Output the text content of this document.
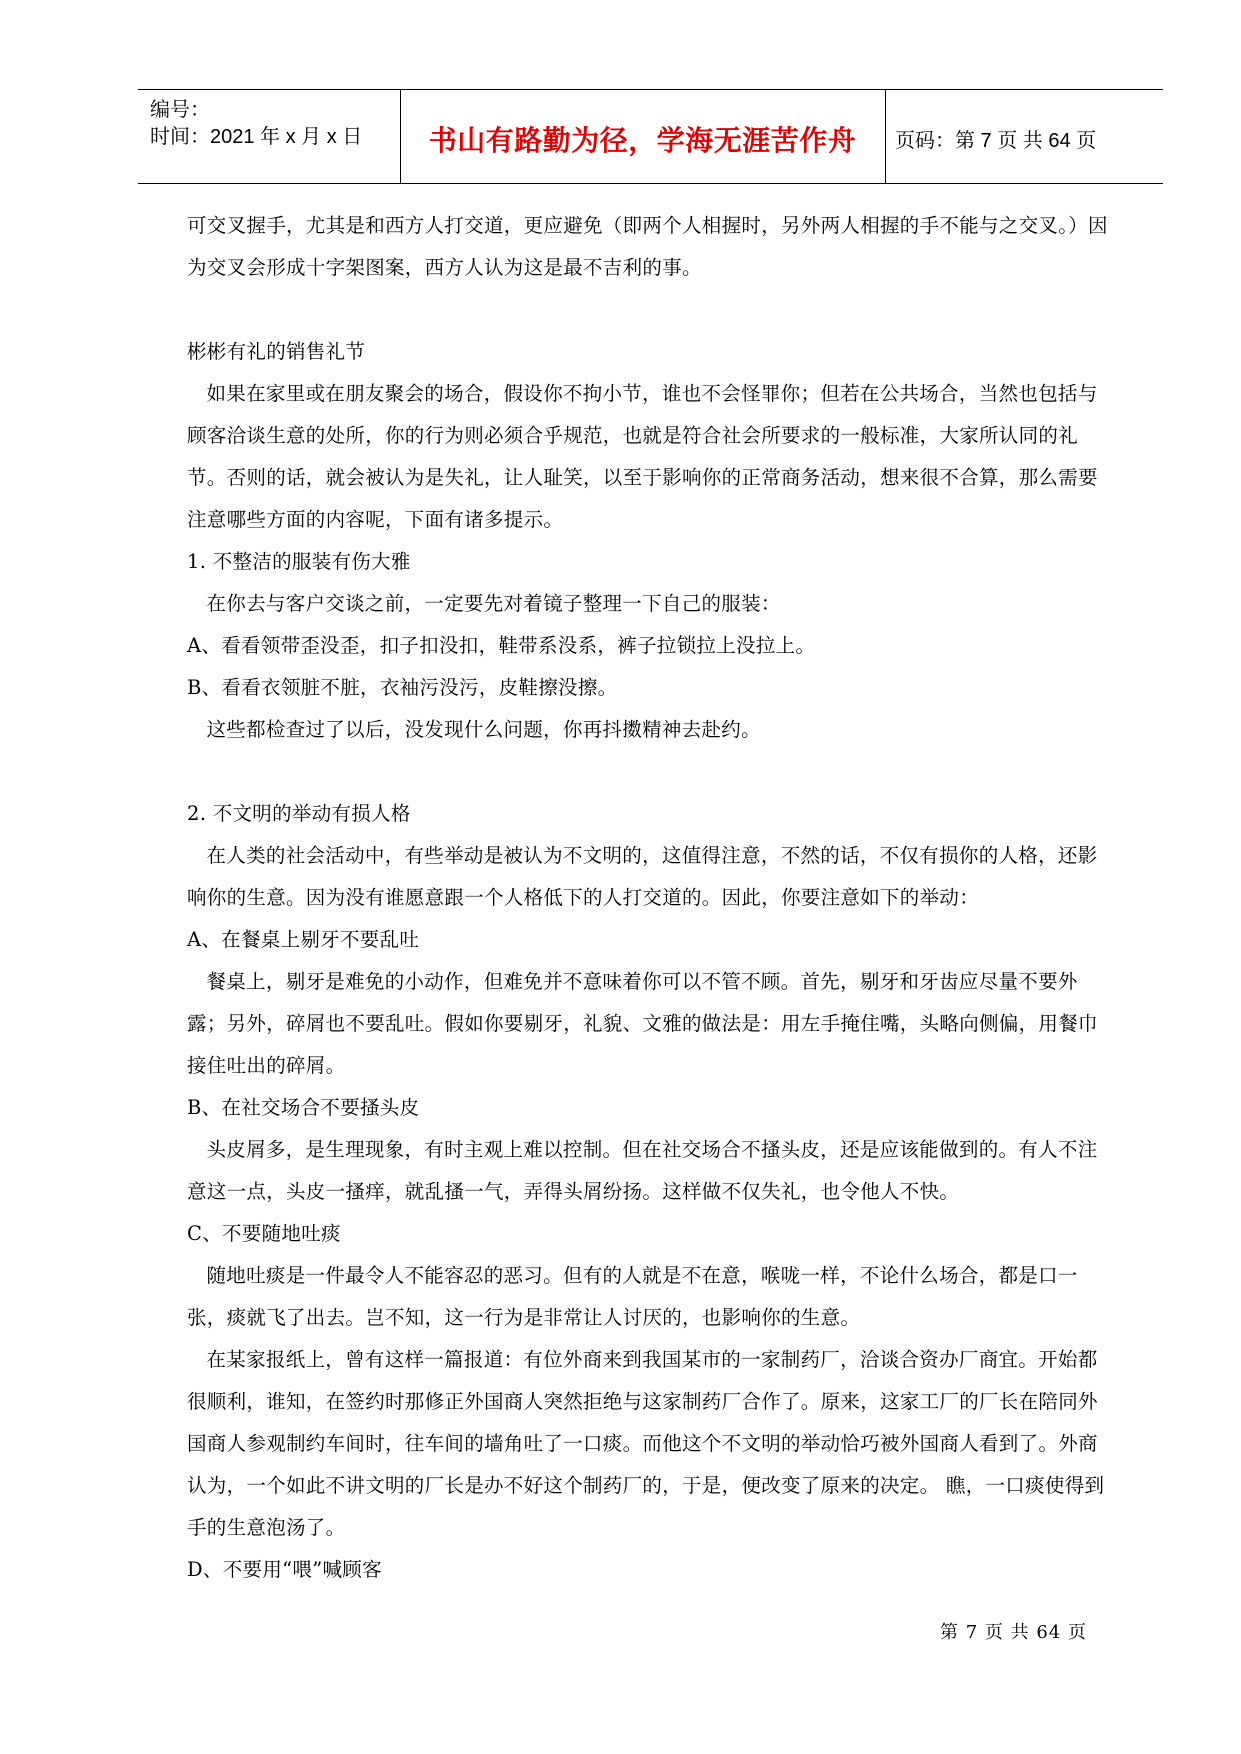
编号：
时间：2021 年 x 月 x 日	书山有路勤为径，学海无涯苦作舟	页码：第 7 页 共 64 页

可交叉握手，尤其是和西方人打交道，更应避免（即两个人相握时，另外两人相握的手不能与之交叉。）因为交叉会形成十字架图案，西方人认为这是最不吉利的事。

彬彬有礼的销售礼节

如果在家里或在朋友聚会的场合，假设你不拘小节，谁也不会怪罪你；但若在公共场合，当然也包括与顾客洽谈生意的处所，你的行为则必须合乎规范，也就是符合社会所要求的一般标准，大家所认同的礼节。否则的话，就会被认为是失礼，让人耻笑，以至于影响你的正常商务活动，想来很不合算，那么需要注意哪些方面的内容呢，下面有诸多提示。

1. 不整洁的服装有伤大雅

在你去与客户交谈之前，一定要先对着镜子整理一下自己的服装：

A、看看领带歪没歪，扣子扣没扣，鞋带系没系，裤子拉锁拉上没拉上。

B、看看衣领脏不脏，衣袖污没污，皮鞋擦没擦。

这些都检查过了以后，没发现什么问题，你再抖擞精神去赴约。

2. 不文明的举动有损人格

在人类的社会活动中，有些举动是被认为不文明的，这值得注意，不然的话，不仅有损你的人格，还影响你的生意。因为没有谁愿意跟一个人格低下的人打交道的。因此，你要注意如下的举动：

A、在餐桌上剔牙不要乱吐

餐桌上，剔牙是难免的小动作，但难免并不意味着你可以不管不顾。首先，剔牙和牙齿应尽量不要外露；另外，碎屑也不要乱吐。假如你要剔牙，礼貌、文雅的做法是：用左手掩住嘴，头略向侧偏，用餐巾接住吐出的碎屑。

B、在社交场合不要搔头皮

头皮屑多，是生理现象，有时主观上难以控制。但在社交场合不搔头皮，还是应该能做到的。有人不注意这一点，头皮一搔痒，就乱搔一气，弄得头屑纷扬。这样做不仅失礼，也令他人不快。

C、不要随地吐痰

随地吐痰是一件最令人不能容忍的恶习。但有的人就是不在意，喉咙一样，不论什么场合，都是口一张，痰就飞了出去。岂不知，这一行为是非常让人讨厌的，也影响你的生意。

在某家报纸上，曾有这样一篇报道：有位外商来到我国某市的一家制药厂，洽谈合资办厂商宜。开始都很顺利，谁知，在签约时那修正外国商人突然拒绝与这家制药厂合作了。原来，这家工厂的厂长在陪同外国商人参观制约车间时，往车间的墙角吐了一口痰。而他这个不文明的举动恰巧被外国商人看到了。外商认为，一个如此不讲文明的厂长是办不好这个制药厂的，于是，便改变了原来的决定。 瞧，一口痰使得到手的生意泡汤了。

D、不要用“喂”喊顾客

第 7 页 共 64 页
